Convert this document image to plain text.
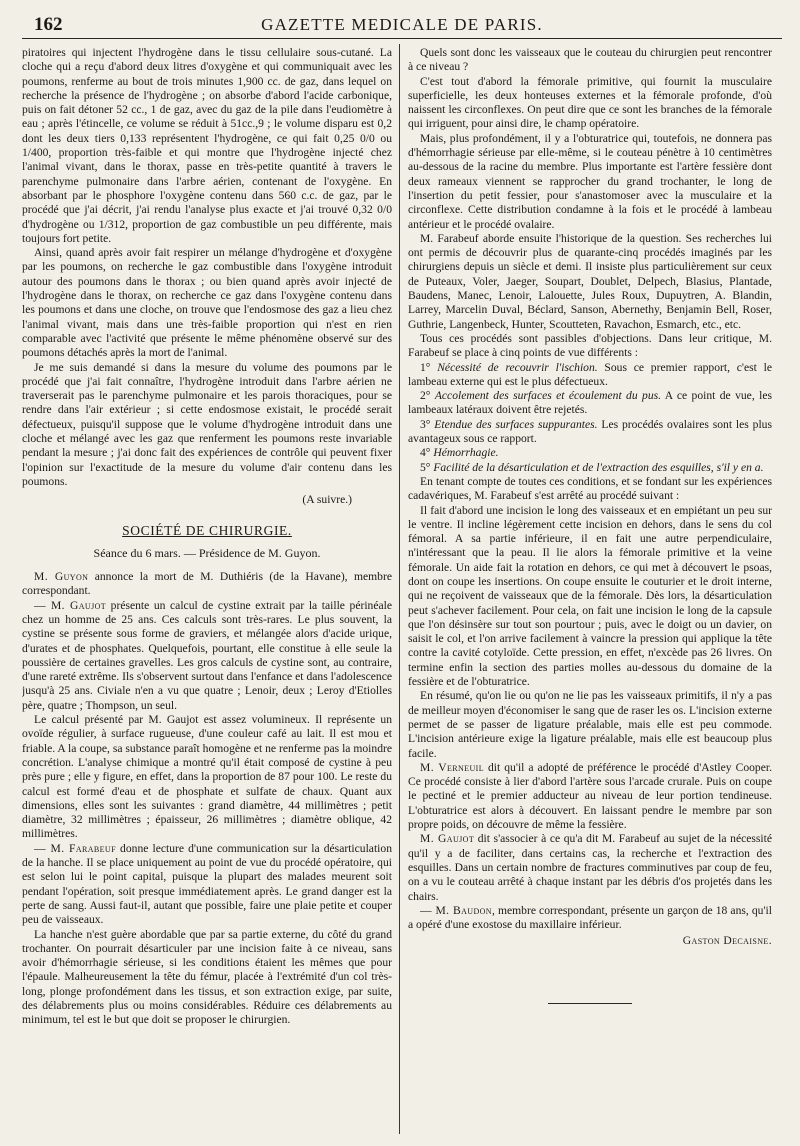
162	GAZETTE MEDICALE DE PARIS.

piratoires qui injectent l'hydrogène dans le tissu cellulaire sous-cutané. La cloche qui a reçu d'abord deux litres d'oxygène et qui communiquait avec les poumons, renferme au bout de trois minutes 1,900 cc. de gaz, dans lequel on recherche la présence de l'hydrogène ; on absorbe d'abord l'acide carbonique, puis on fait détoner 52 cc., 1 de gaz, avec du gaz de la pile dans l'eudiomètre à eau ; après l'étincelle, ce volume se réduit à 51cc.,9 ; le volume disparu est 0,2 dont les deux tiers 0,133 représentent l'hydrogène, ce qui fait 0,25 0/0 ou 1/400, proportion très-faible et qui montre que l'hydrogène injecté chez l'animal vivant, dans le thorax, passe en très-petite quantité à travers le parenchyme pulmonaire dans l'arbre aérien, contenant de l'oxygène. En absorbant par le phosphore l'oxygène contenu dans 560 c.c. de gaz, par le procédé que j'ai décrit, j'ai rendu l'analyse plus exacte et j'ai trouvé 0,32 0/0 d'hydrogène ou 1/312, proportion de gaz combustible un peu différente, mais toujours fort petite.

Ainsi, quand après avoir fait respirer un mélange d'hydrogène et d'oxygène par les poumons, on recherche le gaz combustible dans l'oxygène introduit autour des poumons dans le thorax ; ou bien quand après avoir injecté de l'hydrogène dans le thorax, on recherche ce gaz dans l'oxygène contenu dans les poumons et dans une cloche, on trouve que l'endosmose des gaz a lieu chez l'animal vivant, mais dans une très-faible proportion qui n'est en rien comparable avec l'activité que présente le même phénomène observé sur des poumons détachés après la mort de l'animal.

Je me suis demandé si dans la mesure du volume des poumons par le procédé que j'ai fait connaître, l'hydrogène introduit dans l'arbre aérien ne traverserait pas le parenchyme pulmonaire et les parois thoraciques, pour se rendre dans l'air extérieur ; si cette endosmose existait, le procédé serait défectueux, puisqu'il suppose que le volume d'hydrogène introduit dans une cloche et mélangé avec les gaz que renferment les poumons reste invariable pendant la mesure ; j'ai donc fait des expériences de contrôle qui peuvent fixer l'opinion sur l'exactitude de la mesure du volume d'air contenu dans les poumons.

(A suivre.)

SOCIÉTÉ DE CHIRURGIE.

Séance du 6 mars. — Présidence de M. Guyon.

M. Guyon annonce la mort de M. Duthiéris (de la Havane), membre correspondant.

— M. Gaujot présente un calcul de cystine extrait par la taille périnéale chez un homme de 25 ans. Ces calculs sont très-rares. Le plus souvent, la cystine se présente sous forme de graviers, et mélangée alors d'acide urique, d'urates et de phosphates. Quelquefois, pourtant, elle constitue à elle seule la poussière de certaines gravelles. Les gros calculs de cystine sont, au contraire, d'une rareté extrême. Ils s'observent surtout dans l'enfance et dans l'adolescence jusqu'à 25 ans. Civiale n'en a vu que quatre ; Lenoir, deux ; Leroy d'Etiolles père, quatre ; Thompson, un seul.

Le calcul présenté par M. Gaujot est assez volumineux. Il représente un ovoïde régulier, à surface rugueuse, d'une couleur café au lait. Il est mou et friable. A la coupe, sa substance paraît homogène et ne renferme pas la moindre concrétion. L'analyse chimique a montré qu'il était composé de cystine à peu près pure ; elle y figure, en effet, dans la proportion de 87 pour 100. Le reste du calcul est formé d'eau et de phosphate et sulfate de chaux. Quant aux dimensions, elles sont les suivantes : grand diamètre, 44 millimètres ; petit diamètre, 32 millimètres ; épaisseur, 26 millimètres ; diamètre oblique, 42 millimètres.

— M. Farabeuf donne lecture d'une communication sur la désarticulation de la hanche. Il se place uniquement au point de vue du procédé opératoire, qui est selon lui le point capital, puisque la plupart des malades meurent soit pendant l'opération, soit presque immédiatement après. Le grand danger est la perte de sang. Aussi faut-il, autant que possible, faire une plaie petite et couper peu de vaisseaux.

La hanche n'est guère abordable que par sa partie externe, du côté du grand trochanter. On pourrait désarticuler par une incision faite à ce niveau, sans avoir d'hémorrhagie sérieuse, si les conditions étaient les mêmes que pour l'épaule. Malheureusement la tête du fémur, placée à l'extrémité d'un col très-long, plonge profondément dans les tissus, et son extraction exige, par suite, des délabrements plus ou moins considérables. Réduire ces délabrements au minimum, tel est le but que doit se proposer le chirurgien.

Quels sont donc les vaisseaux que le couteau du chirurgien peut rencontrer à ce niveau ?

C'est tout d'abord la fémorale primitive, qui fournit la musculaire superficielle, les deux honteuses externes et la fémorale profonde, d'où naissent les circonflexes. On peut dire que ce sont les branches de la fémorale qui irriguent, pour ainsi dire, le champ opératoire.

Mais, plus profondément, il y a l'obturatrice qui, toutefois, ne donnera pas d'hémorrhagie sérieuse par elle-même, si le couteau pénètre à 10 centimètres au-dessous de la racine du membre. Plus importante est l'artère fessière dont deux rameaux viennent se rapprocher du grand trochanter, le long de l'insertion du petit fessier, pour s'anastomoser avec la musculaire et la circonflexe. Cette distribution condamne à la fois et le procédé à lambeau antérieur et le procédé ovalaire.

M. Farabeuf aborde ensuite l'historique de la question. Ses recherches lui ont permis de découvrir plus de quarante-cinq procédés imaginés par les chirurgiens depuis un siècle et demi. Il insiste plus particulièrement sur ceux de Puteaux, Voler, Jaeger, Soupart, Doublet, Delpech, Blasius, Plantade, Baudens, Manec, Lenoir, Lalouette, Jules Roux, Dupuytren, A. Blandin, Larrey, Marcelin Duval, Béclard, Sanson, Abernethy, Benjamin Bell, Roser, Guthrie, Langenbeck, Hunter, Scoutteten, Ravachon, Esmarch, etc., etc.

Tous ces procédés sont passibles d'objections. Dans leur critique, M. Farabeuf se place à cinq points de vue différents :

1° Nécessité de recouvrir l'ischion. Sous ce premier rapport, c'est le lambeau externe qui est le plus défectueux.

2° Accolement des surfaces et écoulement du pus. A ce point de vue, les lambeaux latéraux doivent être rejetés.

3° Etendue des surfaces suppurantes. Les procédés ovalaires sont les plus avantageux sous ce rapport.

4° Hémorrhagie.

5° Facilité de la désarticulation et de l'extraction des esquilles, s'il y en a.

En tenant compte de toutes ces conditions, et se fondant sur les expériences cadavériques, M. Farabeuf s'est arrêté au procédé suivant :

Il fait d'abord une incision le long des vaisseaux et en empiétant un peu sur le ventre. Il incline légèrement cette incision en dehors, dans le sens du col fémoral. A sa partie inférieure, il en fait une autre perpendiculaire, n'intéressant que la peau. Il lie alors la fémorale primitive et la veine fémorale. Un aide fait la rotation en dehors, ce qui met à découvert le psoas, dont on coupe les insertions. On coupe ensuite le couturier et le droit interne, qui ne reçoivent de vaisseaux que de la fémorale. Dès lors, la désarticulation peut s'achever facilement. Pour cela, on fait une incision le long de la capsule que l'on désinsère sur tout son pourtour ; puis, avec le doigt ou un davier, on saisit le col, et l'on arrive facilement à vaincre la pression qui applique la tête contre la cavité cotyloïde. Cette pression, en effet, n'excède pas 26 livres. On termine enfin la section des parties molles au-dessous du domaine de la fessière et de l'obturatrice.

En résumé, qu'on lie ou qu'on ne lie pas les vaisseaux primitifs, il n'y a pas de meilleur moyen d'économiser le sang que de raser les os. L'incision externe permet de se passer de ligature préalable, mais elle est peu commode. L'incision antérieure exige la ligature préalable, mais elle est beaucoup plus facile.

M. Verneuil dit qu'il a adopté de préférence le procédé d'Astley Cooper. Ce procédé consiste à lier d'abord l'artère sous l'arcade crurale. Puis on coupe le pectiné et le premier adducteur au niveau de leur portion tendineuse. L'obturatrice est alors à découvert. En laissant pendre le membre par son propre poids, on découvre de même la fessière.

M. Gaujot dit s'associer à ce qu'a dit M. Farabeuf au sujet de la nécessité qu'il y a de faciliter, dans certains cas, la recherche et l'extraction des esquilles. Dans un certain nombre de fractures comminutives par coup de feu, on a vu le couteau arrêté à chaque instant par les débris d'os projetés dans les chairs.

— M. Baudon, membre correspondant, présente un garçon de 18 ans, qu'il a opéré d'une exostose du maxillaire inférieur.

Gaston Decaisne.
